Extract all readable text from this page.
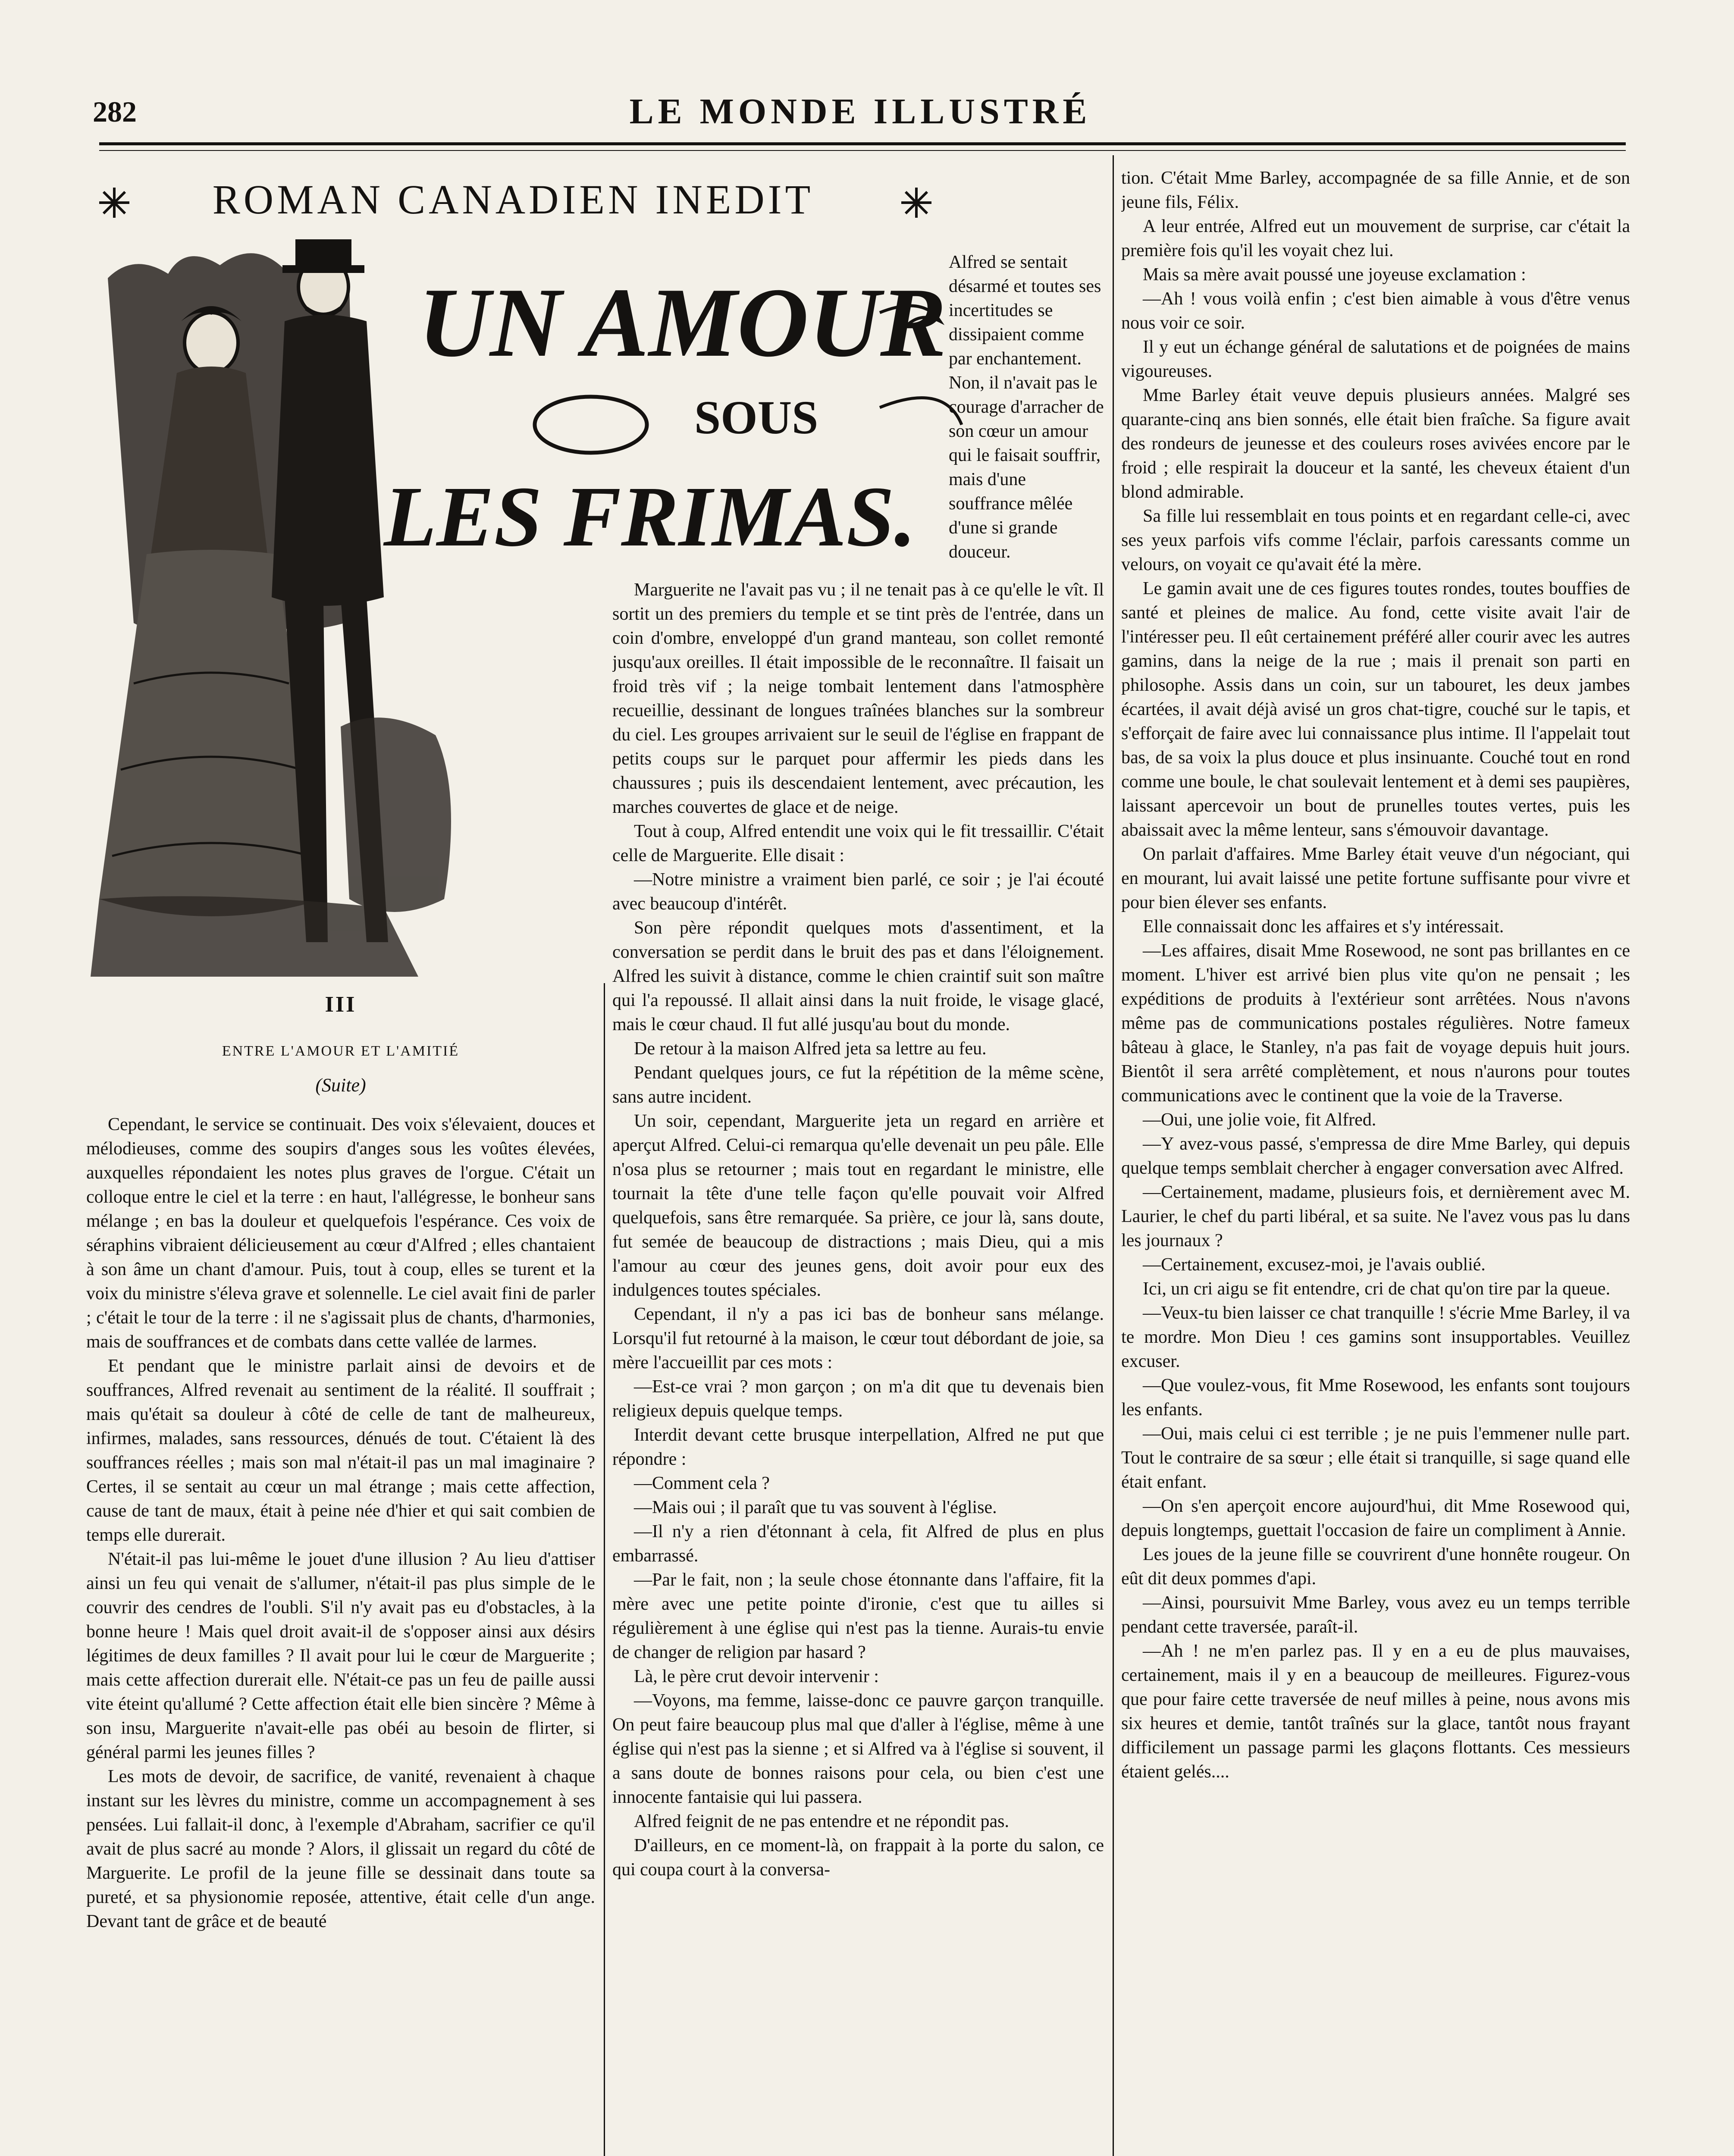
282	LE MONDE ILLUSTRÉ
ROMAN CANADIEN INEDIT
UN AMOUR
SOUS
LES FRIMAS.

Alfred se sentait désarmé et toutes ses incertitudes se dissipaient comme par enchantement. Non, il n'avait pas le courage d'arracher de son cœur un amour qui le faisait souffrir, mais d'une souffrance mêlée d'une si grande douceur.

III
ENTRE L'AMOUR ET L'AMITIÉ
(Suite)

Cependant, le service se continuait. Des voix s'élevaient, douces et mélodieuses, comme des soupirs d'anges sous les voûtes élevées, auxquelles répondaient les notes plus graves de l'orgue. C'était un colloque entre le ciel et la terre : en haut, l'allégresse, le bonheur sans mélange ; en bas la douleur et quelquefois l'espérance. Ces voix de séraphins vibraient délicieusement au cœur d'Alfred ; elles chantaient à son âme un chant d'amour. Puis, tout à coup, elles se turent et la voix du ministre s'éleva grave et solennelle. Le ciel avait fini de parler ; c'était le tour de la terre : il ne s'agissait plus de chants, d'harmonies, mais de souffrances et de combats dans cette vallée de larmes.

Et pendant que le ministre parlait ainsi de devoirs et de souffrances, Alfred revenait au sentiment de la réalité. Il souffrait ; mais qu'était sa douleur à côté de celle de tant de malheureux, infirmes, malades, sans ressources, dénués de tout. C'étaient là des souffrances réelles ; mais son mal n'était-il pas un mal imaginaire ? Certes, il se sentait au cœur un mal étrange ; mais cette affection, cause de tant de maux, était à peine née d'hier et qui sait combien de temps elle durerait.

N'était-il pas lui-même le jouet d'une illusion ? Au lieu d'attiser ainsi un feu qui venait de s'allumer, n'était-il pas plus simple de le couvrir des cendres de l'oubli. S'il n'y avait pas eu d'obstacles, à la bonne heure ! Mais quel droit avait-il de s'opposer ainsi aux désirs légitimes de deux familles ? Il avait pour lui le cœur de Marguerite ; mais cette affection durerait elle. N'était-ce pas un feu de paille aussi vite éteint qu'allumé ? Cette affection était elle bien sincère ? Même à son insu, Marguerite n'avait-elle pas obéi au besoin de flirter, si général parmi les jeunes filles ?

Les mots de devoir, de sacrifice, de vanité, revenaient à chaque instant sur les lèvres du ministre, comme un accompagnement à ses pensées. Lui fallait-il donc, à l'exemple d'Abraham, sacrifier ce qu'il avait de plus sacré au monde ? Alors, il glissait un regard du côté de Marguerite. Le profil de la jeune fille se dessinait dans toute sa pureté, et sa physionomie reposée, attentive, était celle d'un ange. Devant tant de grâce et de beauté

Marguerite ne l'avait pas vu ; il ne tenait pas à ce qu'elle le vît. Il sortit un des premiers du temple et se tint près de l'entrée, dans un coin d'ombre, enveloppé d'un grand manteau, son collet remonté jusqu'aux oreilles. Il était impossible de le reconnaître. Il faisait un froid très vif ; la neige tombait lentement dans l'atmosphère recueillie, dessinant de longues traînées blanches sur la sombreur du ciel. Les groupes arrivaient sur le seuil de l'église en frappant de petits coups sur le parquet pour affermir les pieds dans les chaussures ; puis ils descendaient lentement, avec précaution, les marches couvertes de glace et de neige.

Tout à coup, Alfred entendit une voix qui le fit tressaillir. C'était celle de Marguerite. Elle disait :

—Notre ministre a vraiment bien parlé, ce soir ; je l'ai écouté avec beaucoup d'intérêt.

Son père répondit quelques mots d'assentiment, et la conversation se perdit dans le bruit des pas et dans l'éloignement. Alfred les suivit à distance, comme le chien craintif suit son maître qui l'a repoussé. Il allait ainsi dans la nuit froide, le visage glacé, mais le cœur chaud. Il fut allé jusqu'au bout du monde.

De retour à la maison Alfred jeta sa lettre au feu.

Pendant quelques jours, ce fut la répétition de la même scène, sans autre incident.

Un soir, cependant, Marguerite jeta un regard en arrière et aperçut Alfred. Celui-ci remarqua qu'elle devenait un peu pâle. Elle n'osa plus se retourner ; mais tout en regardant le ministre, elle tournait la tête d'une telle façon qu'elle pouvait voir Alfred quelquefois, sans être remarquée. Sa prière, ce jour là, sans doute, fut semée de beaucoup de distractions ; mais Dieu, qui a mis l'amour au cœur des jeunes gens, doit avoir pour eux des indulgences toutes spéciales.

Cependant, il n'y a pas ici bas de bonheur sans mélange. Lorsqu'il fut retourné à la maison, le cœur tout débordant de joie, sa mère l'accueillit par ces mots :

—Est-ce vrai ? mon garçon ; on m'a dit que tu devenais bien religieux depuis quelque temps.

Interdit devant cette brusque interpellation, Alfred ne put que répondre :

—Comment cela ?

—Mais oui ; il paraît que tu vas souvent à l'église.

—Il n'y a rien d'étonnant à cela, fit Alfred de plus en plus embarrassé.

—Par le fait, non ; la seule chose étonnante dans l'affaire, fit la mère avec une petite pointe d'ironie, c'est que tu ailles si régulièrement à une église qui n'est pas la tienne. Aurais-tu envie de changer de religion par hasard ?

Là, le père crut devoir intervenir :

—Voyons, ma femme, laisse-donc ce pauvre garçon tranquille. On peut faire beaucoup plus mal que d'aller à l'église, même à une église qui n'est pas la sienne ; et si Alfred va à l'église si souvent, il a sans doute de bonnes raisons pour cela, ou bien c'est une innocente fantaisie qui lui passera.

Alfred feignit de ne pas entendre et ne répondit pas.

D'ailleurs, en ce moment-là, on frappait à la porte du salon, ce qui coupa court à la conversa-

tion. C'était Mme Barley, accompagnée de sa fille Annie, et de son jeune fils, Félix.

A leur entrée, Alfred eut un mouvement de surprise, car c'était la première fois qu'il les voyait chez lui.

Mais sa mère avait poussé une joyeuse exclamation :

—Ah ! vous voilà enfin ; c'est bien aimable à vous d'être venus nous voir ce soir.

Il y eut un échange général de salutations et de poignées de mains vigoureuses.

Mme Barley était veuve depuis plusieurs années. Malgré ses quarante-cinq ans bien sonnés, elle était bien fraîche. Sa figure avait des rondeurs de jeunesse et des couleurs roses avivées encore par le froid ; elle respirait la douceur et la santé, les cheveux étaient d'un blond admirable.

Sa fille lui ressemblait en tous points et en regardant celle-ci, avec ses yeux parfois vifs comme l'éclair, parfois caressants comme un velours, on voyait ce qu'avait été la mère.

Le gamin avait une de ces figures toutes rondes, toutes bouffies de santé et pleines de malice. Au fond, cette visite avait l'air de l'intéresser peu. Il eût certainement préféré aller courir avec les autres gamins, dans la neige de la rue ; mais il prenait son parti en philosophe. Assis dans un coin, sur un tabouret, les deux jambes écartées, il avait déjà avisé un gros chat-tigre, couché sur le tapis, et s'efforçait de faire avec lui connaissance plus intime. Il l'appelait tout bas, de sa voix la plus douce et plus insinuante. Couché tout en rond comme une boule, le chat soulevait lentement et à demi ses paupières, laissant apercevoir un bout de prunelles toutes vertes, puis les abaissait avec la même lenteur, sans s'émouvoir davantage.

On parlait d'affaires. Mme Barley était veuve d'un négociant, qui en mourant, lui avait laissé une petite fortune suffisante pour vivre et pour bien élever ses enfants.

Elle connaissait donc les affaires et s'y intéressait.

—Les affaires, disait Mme Rosewood, ne sont pas brillantes en ce moment. L'hiver est arrivé bien plus vite qu'on ne pensait ; les expéditions de produits à l'extérieur sont arrêtées. Nous n'avons même pas de communications postales régulières. Notre fameux bâteau à glace, le Stanley, n'a pas fait de voyage depuis huit jours. Bientôt il sera arrêté complètement, et nous n'aurons pour toutes communications avec le continent que la voie de la Traverse.

—Oui, une jolie voie, fit Alfred.

—Y avez-vous passé, s'empressa de dire Mme Barley, qui depuis quelque temps semblait chercher à engager conversation avec Alfred.

—Certainement, madame, plusieurs fois, et dernièrement avec M. Laurier, le chef du parti libéral, et sa suite. Ne l'avez vous pas lu dans les journaux ?

—Certainement, excusez-moi, je l'avais oublié.

Ici, un cri aigu se fit entendre, cri de chat qu'on tire par la queue.

—Veux-tu bien laisser ce chat tranquille ! s'écrie Mme Barley, il va te mordre. Mon Dieu ! ces gamins sont insupportables. Veuillez excuser.

—Que voulez-vous, fit Mme Rosewood, les enfants sont toujours les enfants.

—Oui, mais celui ci est terrible ; je ne puis l'emmener nulle part. Tout le contraire de sa sœur ; elle était si tranquille, si sage quand elle était enfant.

—On s'en aperçoit encore aujourd'hui, dit Mme Rosewood qui, depuis longtemps, guettait l'occasion de faire un compliment à Annie.

Les joues de la jeune fille se couvrirent d'une honnête rougeur. On eût dit deux pommes d'api.

—Ainsi, poursuivit Mme Barley, vous avez eu un temps terrible pendant cette traversée, paraît-il.

—Ah ! ne m'en parlez pas. Il y en a eu de plus mauvaises, certainement, mais il y en a beaucoup de meilleures. Figurez-vous que pour faire cette traversée de neuf milles à peine, nous avons mis six heures et demie, tantôt traînés sur la glace, tantôt nous frayant difficilement un passage parmi les glaçons flottants. Ces messieurs étaient gelés....
